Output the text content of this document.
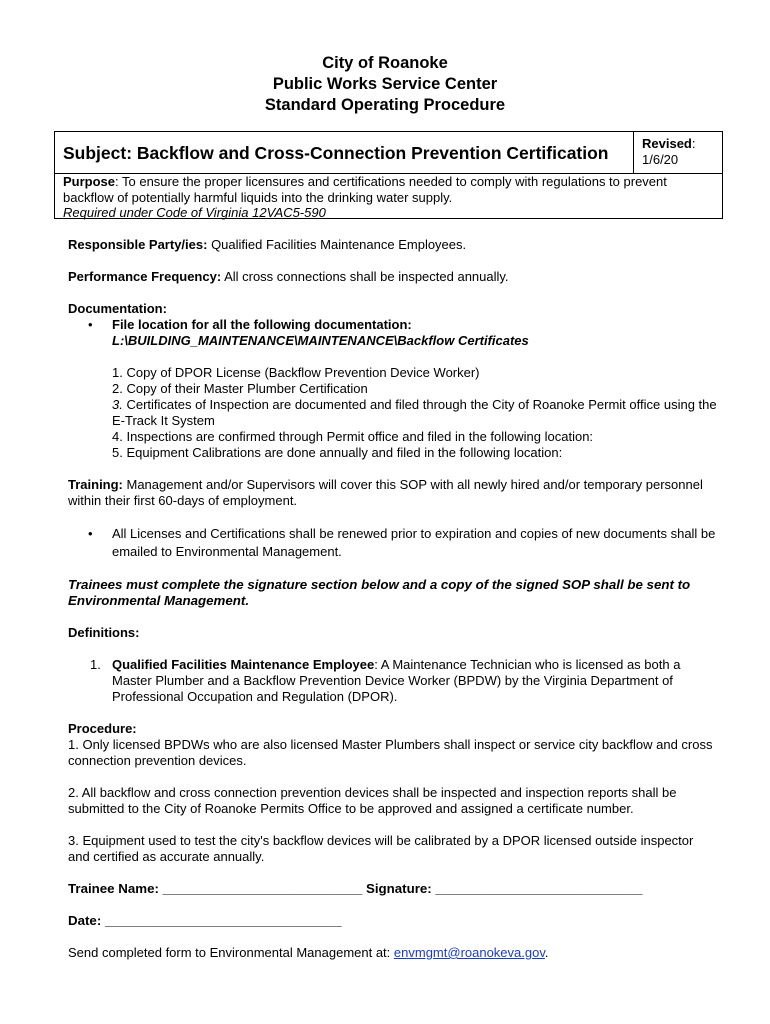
City of Roanoke
Public Works Service Center
Standard Operating Procedure
Subject: Backflow and Cross-Connection Prevention Certification	Revised:
1/6/20
Purpose: To ensure the proper licensures and certifications needed to comply with regulations to prevent backflow of potentially harmful liquids into the drinking water supply.
Required under Code of Virginia 12VAC5-590

Responsible Party/ies: Qualified Facilities Maintenance Employees.

Performance Frequency: All cross connections shall be inspected annually.

Documentation:

• File location for all the following documentation:

L:\BUILDING_MAINTENANCE\MAINTENANCE\Backflow Certificates

1. Copy of DPOR License (Backflow Prevention Device Worker)

2. Copy of their Master Plumber Certification

3. Certificates of Inspection are documented and filed through the City of Roanoke Permit office using the E-Track It System

4. Inspections are confirmed through Permit office and filed in the following location:

5. Equipment Calibrations are done annually and filed in the following location:

Training: Management and/or Supervisors will cover this SOP with all newly hired and/or temporary personnel within their first 60-days of employment.

• All Licenses and Certifications shall be renewed prior to expiration and copies of new documents shall be emailed to Environmental Management.

Trainees must complete the signature section below and a copy of the signed SOP shall be sent to Environmental Management.

Definitions:

1. Qualified Facilities Maintenance Employee: A Maintenance Technician who is licensed as both a Master Plumber and a Backflow Prevention Device Worker (BPDW) by the Virginia Department of Professional Occupation and Regulation (DPOR).

Procedure:

1. Only licensed BPDWs who are also licensed Master Plumbers shall inspect or service city backflow and cross connection prevention devices.

2. All backflow and cross connection prevention devices shall be inspected and inspection reports shall be submitted to the City of Roanoke Permits Office to be approved and assigned a certificate number.

3. Equipment used to test the city's backflow devices will be calibrated by a DPOR licensed outside inspector and certified as accurate annually.

Trainee Name: ___________________________ Signature: ____________________________

Date: ________________________________

Send completed form to Environmental Management at: envmgmt@roanokeva.gov.
